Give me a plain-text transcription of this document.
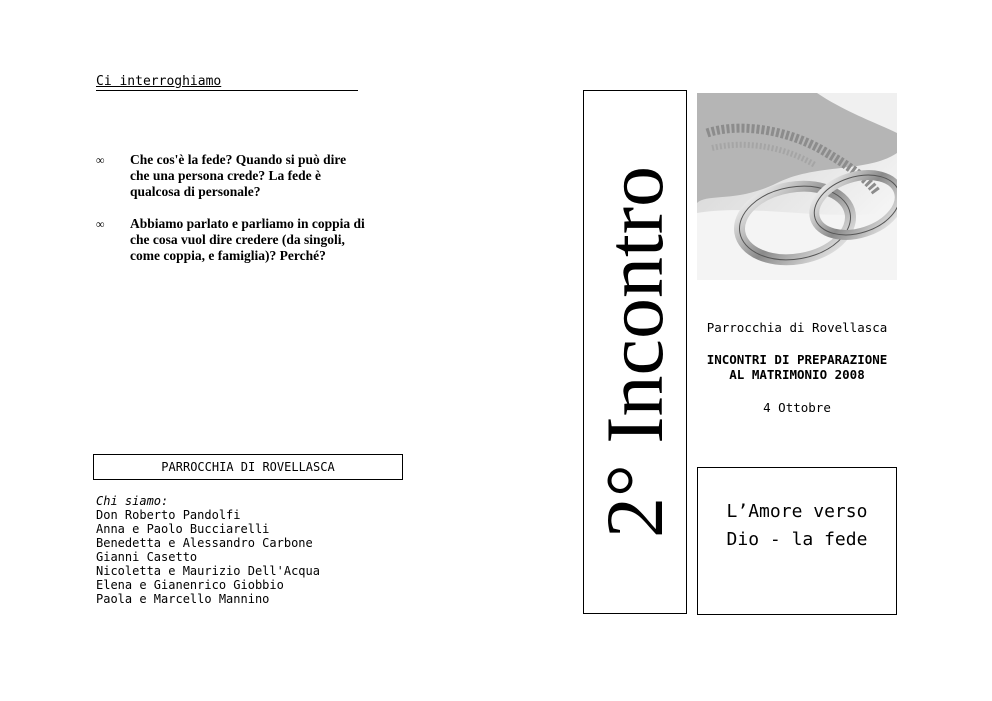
Ci interroghiamo
∞ Che cos'è la fede? Quando si può dire che una persona crede? La fede è qualcosa di personale?
∞ Abbiamo parlato e parliamo in coppia di che cosa vuol dire credere (da singoli, come coppia, e famiglia)? Perché?
PARROCCHIA DI ROVELLASCA
Chi siamo:
Don Roberto Pandolfi
Anna e Paolo Bucciarelli
Benedetta e Alessandro Carbone
Gianni Casetto
Nicoletta e Maurizio Dell'Acqua
Elena e Gianenrico Giobbio
Paola e Marcello Mannino
2° Incontro	Parrocchia di Rovellasca
INCONTRI DI PREPARAZIONE
AL MATRIMONIO 2008
4 Ottobre
L’Amore verso
Dio - la fede
